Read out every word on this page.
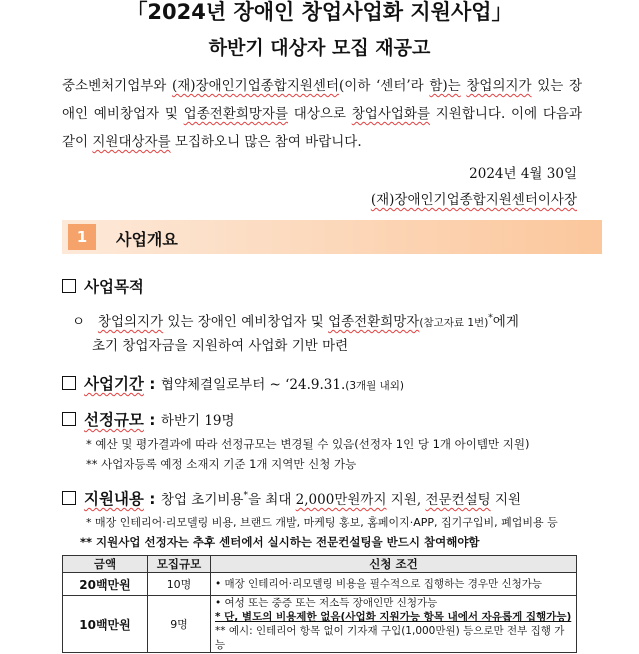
「2024년 장애인 창업사업화 지원사업」
하반기 대상자 모집 재공고
중소벤처기업부와 (재)장애인기업종합지원센터(이하 ‘센터’라 함)는 창업의지가 있는 장애인 예비창업자 및 업종전환희망자를 대상으로 창업사업화를 지원합니다. 이에 다음과 같이 지원대상자를 모집하오니 많은 참여 바랍니다.
2024년 4월 30일
(재)장애인기업종합지원센터이사장
1	사업개요
사업목적
ㅇ 창업의지가 있는 장애인 예비창업자 및 업종전환희망자(참고자료 1번)*에게
초기 창업자금을 지원하여 사업화 기반 마련
사업기간 : 협약체결일로부터 ~ ‘24.9.31.(3개월 내외)
선정규모 : 하반기 19명
* 예산 및 평가결과에 따라 선정규모는 변경될 수 있음(선정자 1인 당 1개 아이템만 지원)
** 사업자등록 예정 소재지 기준 1개 지역만 신청 가능
지원내용 : 창업 초기비용*을 최대 2,000만원까지 지원, 전문컨설팅 지원
* 매장 인테리어·리모델링 비용, 브랜드 개발, 마케팅 홍보, 홈페이지·APP, 집기구입비, 폐업비용 등
** 지원사업 선정자는 추후 센터에서 실시하는 전문컨설팅을 반드시 참여해야함
금액	모집규모	신청 조건
20백만원	10명	• 매장 인테리어·리모델링 비용을 필수적으로 집행하는 경우만 신청가능
10백만원	9명	• 여성 또는 중증 또는 저소득 장애인만 신청가능
* 단, 별도의 비용제한 없음(사업화 지원가능 항목 내에서 자유롭게 집행가능)
** 예시: 인테리어 항목 없이 기자재 구입(1,000만원) 등으로만 전부 집행 가능
